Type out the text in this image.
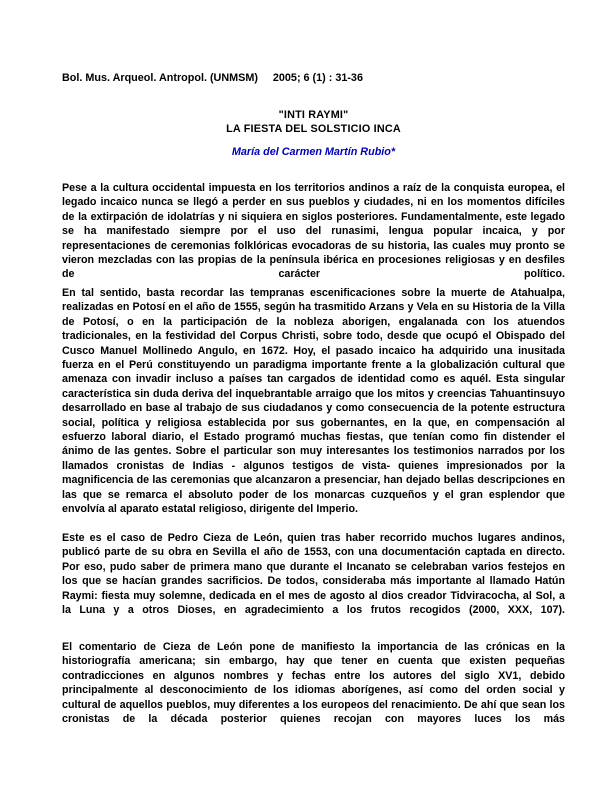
Bol. Mus. Arqueol. Antropol. (UNMSM) 2005; 6 (1) : 31-36
"INTI RAYMI"
LA FIESTA DEL SOLSTICIO INCA
María del Carmen Martín Rubio*
Pese a la cultura occidental impuesta en los territorios andinos a raíz de la conquista europea, el legado incaico nunca se llegó a perder en sus pueblos y ciudades, ni en los momentos difíciles de la extirpación de idolatrías y ni siquiera en siglos posteriores. Fundamentalmente, este legado se ha manifestado siempre por el uso del runasimi, lengua popular incaica, y por representaciones de ceremonias folklóricas evocadoras de su historia, las cuales muy pronto se vieron mezcladas con las propias de la península ibérica en procesiones religiosas y en desfiles de carácter político.
En tal sentido, basta recordar las tempranas escenificaciones sobre la muerte de Atahualpa, realizadas en Potosí en el año de 1555, según ha trasmitido Arzans y Vela en su Historia de la Villa de Potosí, o en la participación de la nobleza aborigen, engalanada con los atuendos tradicionales, en la festividad del Corpus Christi, sobre todo, desde que ocupó el Obispado del Cusco Manuel Mollinedo Angulo, en 1672. Hoy, el pasado incaico ha adquirido una inusitada fuerza en el Perú constituyendo un paradigma importante frente a la globalización cultural que amenaza con invadir incluso a países tan cargados de identidad como es aquél. Esta singular característica sin duda deriva del inquebrantable arraigo que los mitos y creencias Tahuantinsuyo desarrollado en base al trabajo de sus ciudadanos y como consecuencia de la potente estructura social, política y religiosa establecida por sus gobernantes, en la que, en compensación al esfuerzo laboral diario, el Estado programó muchas fiestas, que tenían como fin distender el ánimo de las gentes. Sobre el particular son muy interesantes los testimonios narrados por los llamados cronistas de Indias - algunos testigos de vista- quienes impresionados por la magnificencia de las ceremonias que alcanzaron a presenciar, han dejado bellas descripciones en las que se remarca el absoluto poder de los monarcas cuzqueños y el gran esplendor que envolvía al aparato estatal religioso, dirigente del Imperio.
Este es el caso de Pedro Cieza de León, quien tras haber recorrido muchos lugares andinos, publicó parte de su obra en Sevilla el año de 1553, con una documentación captada en directo. Por eso, pudo saber de primera mano que durante el Incanato se celebraban varios festejos en los que se hacían grandes sacrificios. De todos, consideraba más importante al llamado Hatún Raymi: fiesta muy solemne, dedicada en el mes de agosto al dios creador Tidviracocha, al Sol, a la Luna y a otros Dioses, en agradecimiento a los frutos recogidos (2000, XXX, 107).
El comentario de Cieza de León pone de manifiesto la importancia de las crónicas en la historiografía americana; sin embargo, hay que tener en cuenta que existen pequeñas contradicciones en algunos nombres y fechas entre los autores del siglo XV1, debido principalmente al desconocimiento de los idiomas aborígenes, así como del orden social y cultural de aquellos pueblos, muy diferentes a los europeos del renacimiento. De ahí que sean los cronistas de la década posterior quienes recojan con mayores luces los más
